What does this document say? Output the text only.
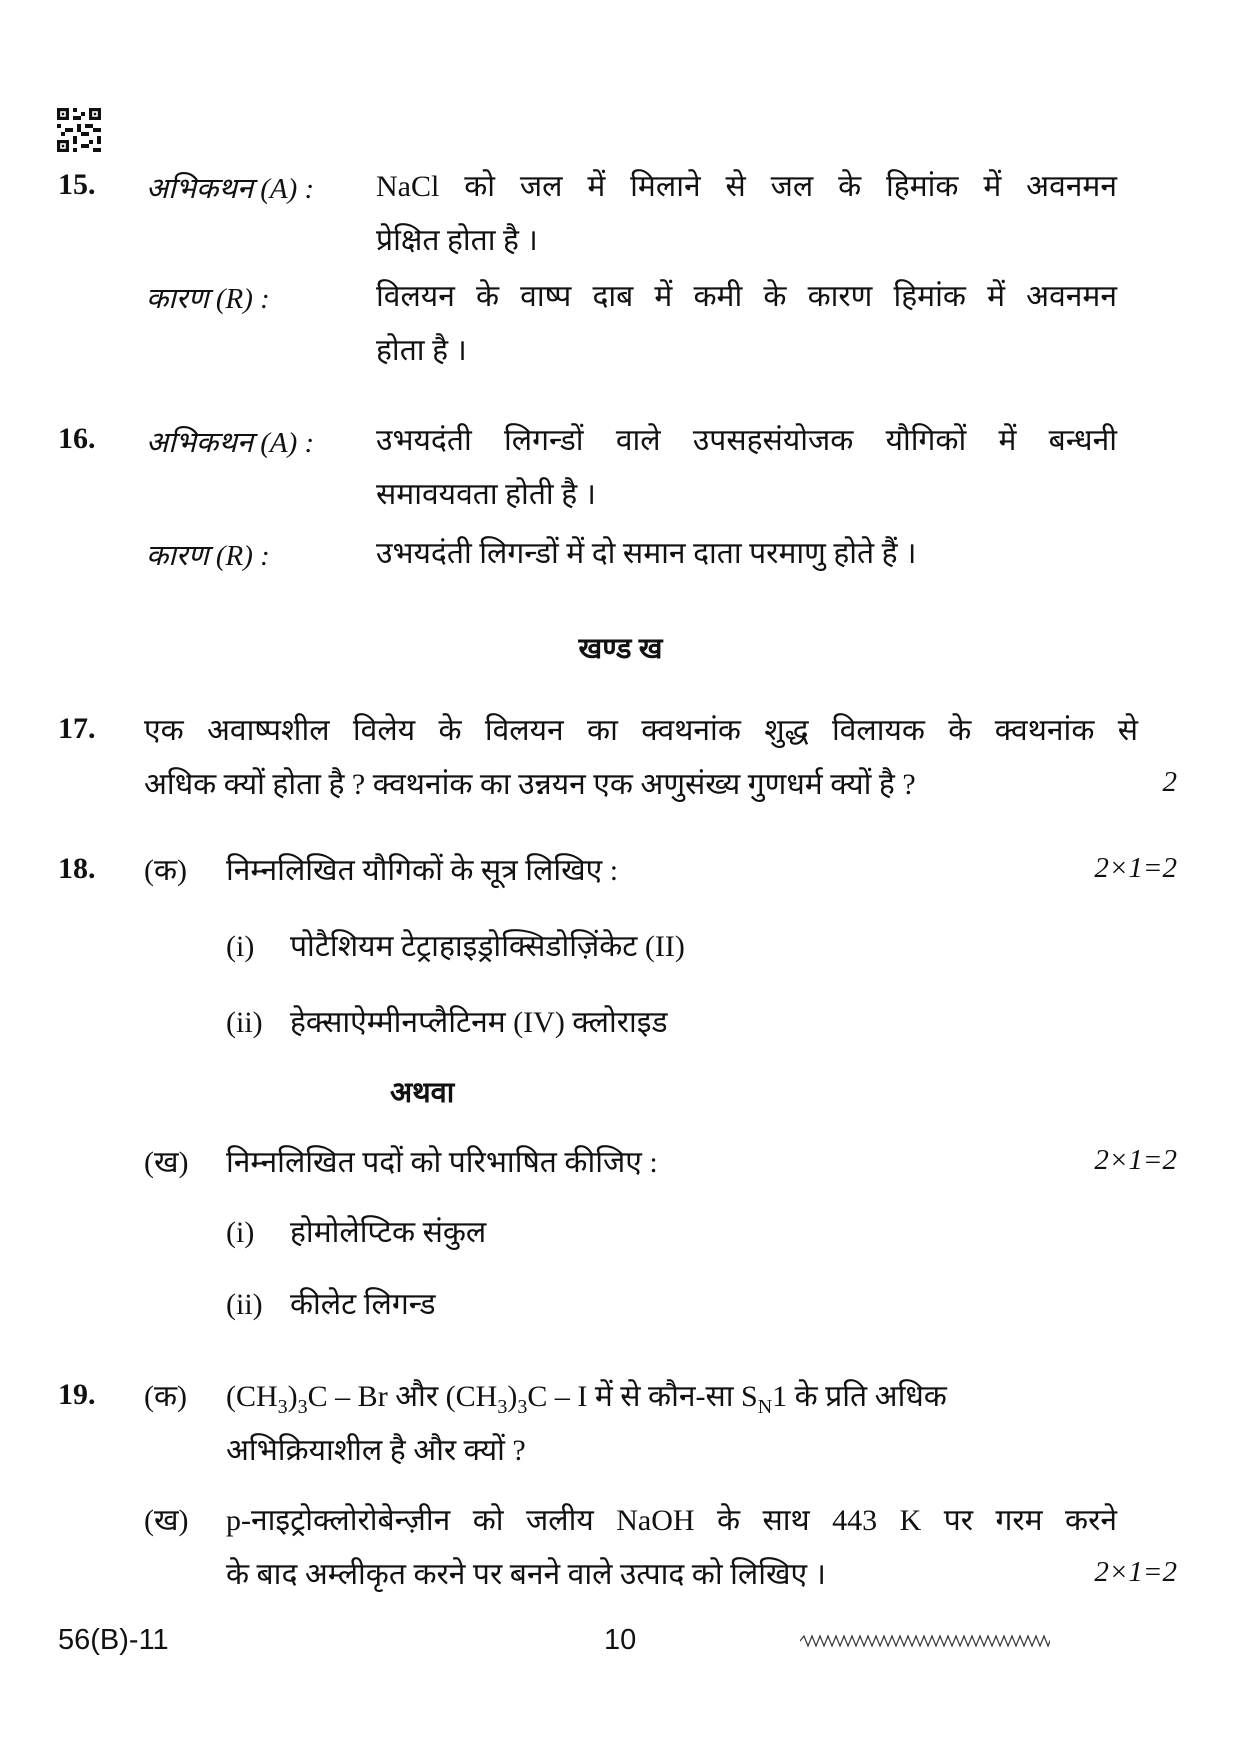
15. अभिकथन (A) : NaCl को जल में मिलाने से जल के हिमांक में अवनमन
प्रेक्षित होता है ।
कारण (R) :	विलयन के वाष्प दाब में कमी के कारण हिमांक में अवनमन
होता है ।
16. अभिकथन (A) : उभयदंती लिगन्डों वाले उपसहसंयोजक यौगिकों में बन्धनी
समावयवता होती है ।
कारण (R) :	उभयदंती लिगन्डों में दो समान दाता परमाणु होते हैं ।
खण्ड ख
17. एक अवाष्पशील विलेय के विलयन का क्वथनांक शुद्ध विलायक के क्वथनांक से
अधिक क्यों होता है ? क्वथनांक का उन्नयन एक अणुसंख्य गुणधर्म क्यों है ?	2
18. (क) निम्नलिखित यौगिकों के सूत्र लिखिए :	2×1=2
(i) पोटैशियम टेट्राहाइड्रोक्सिडोज़िंकेट (II)
(ii) हेक्साऐम्मीनप्लैटिनम (IV) क्लोराइड
अथवा
(ख) निम्नलिखित पदों को परिभाषित कीजिए :	2×1=2
(i) होमोलेप्टिक संकुल
(ii) कीलेट लिगन्ड
19. (क) $(CH_3)_3C$ – Br और $(CH_3)_3C$ – I में से कौन-सा $S_N1$ के प्रति अधिक
अभिक्रियाशील है और क्यों ?
(ख) p-नाइट्रोक्लोरोबेन्ज़ीन को जलीय NaOH के साथ 443 K पर गरम करने
के बाद अम्लीकृत करने पर बनने वाले उत्पाद को लिखिए ।	2×1=2
56(B)-11	10
